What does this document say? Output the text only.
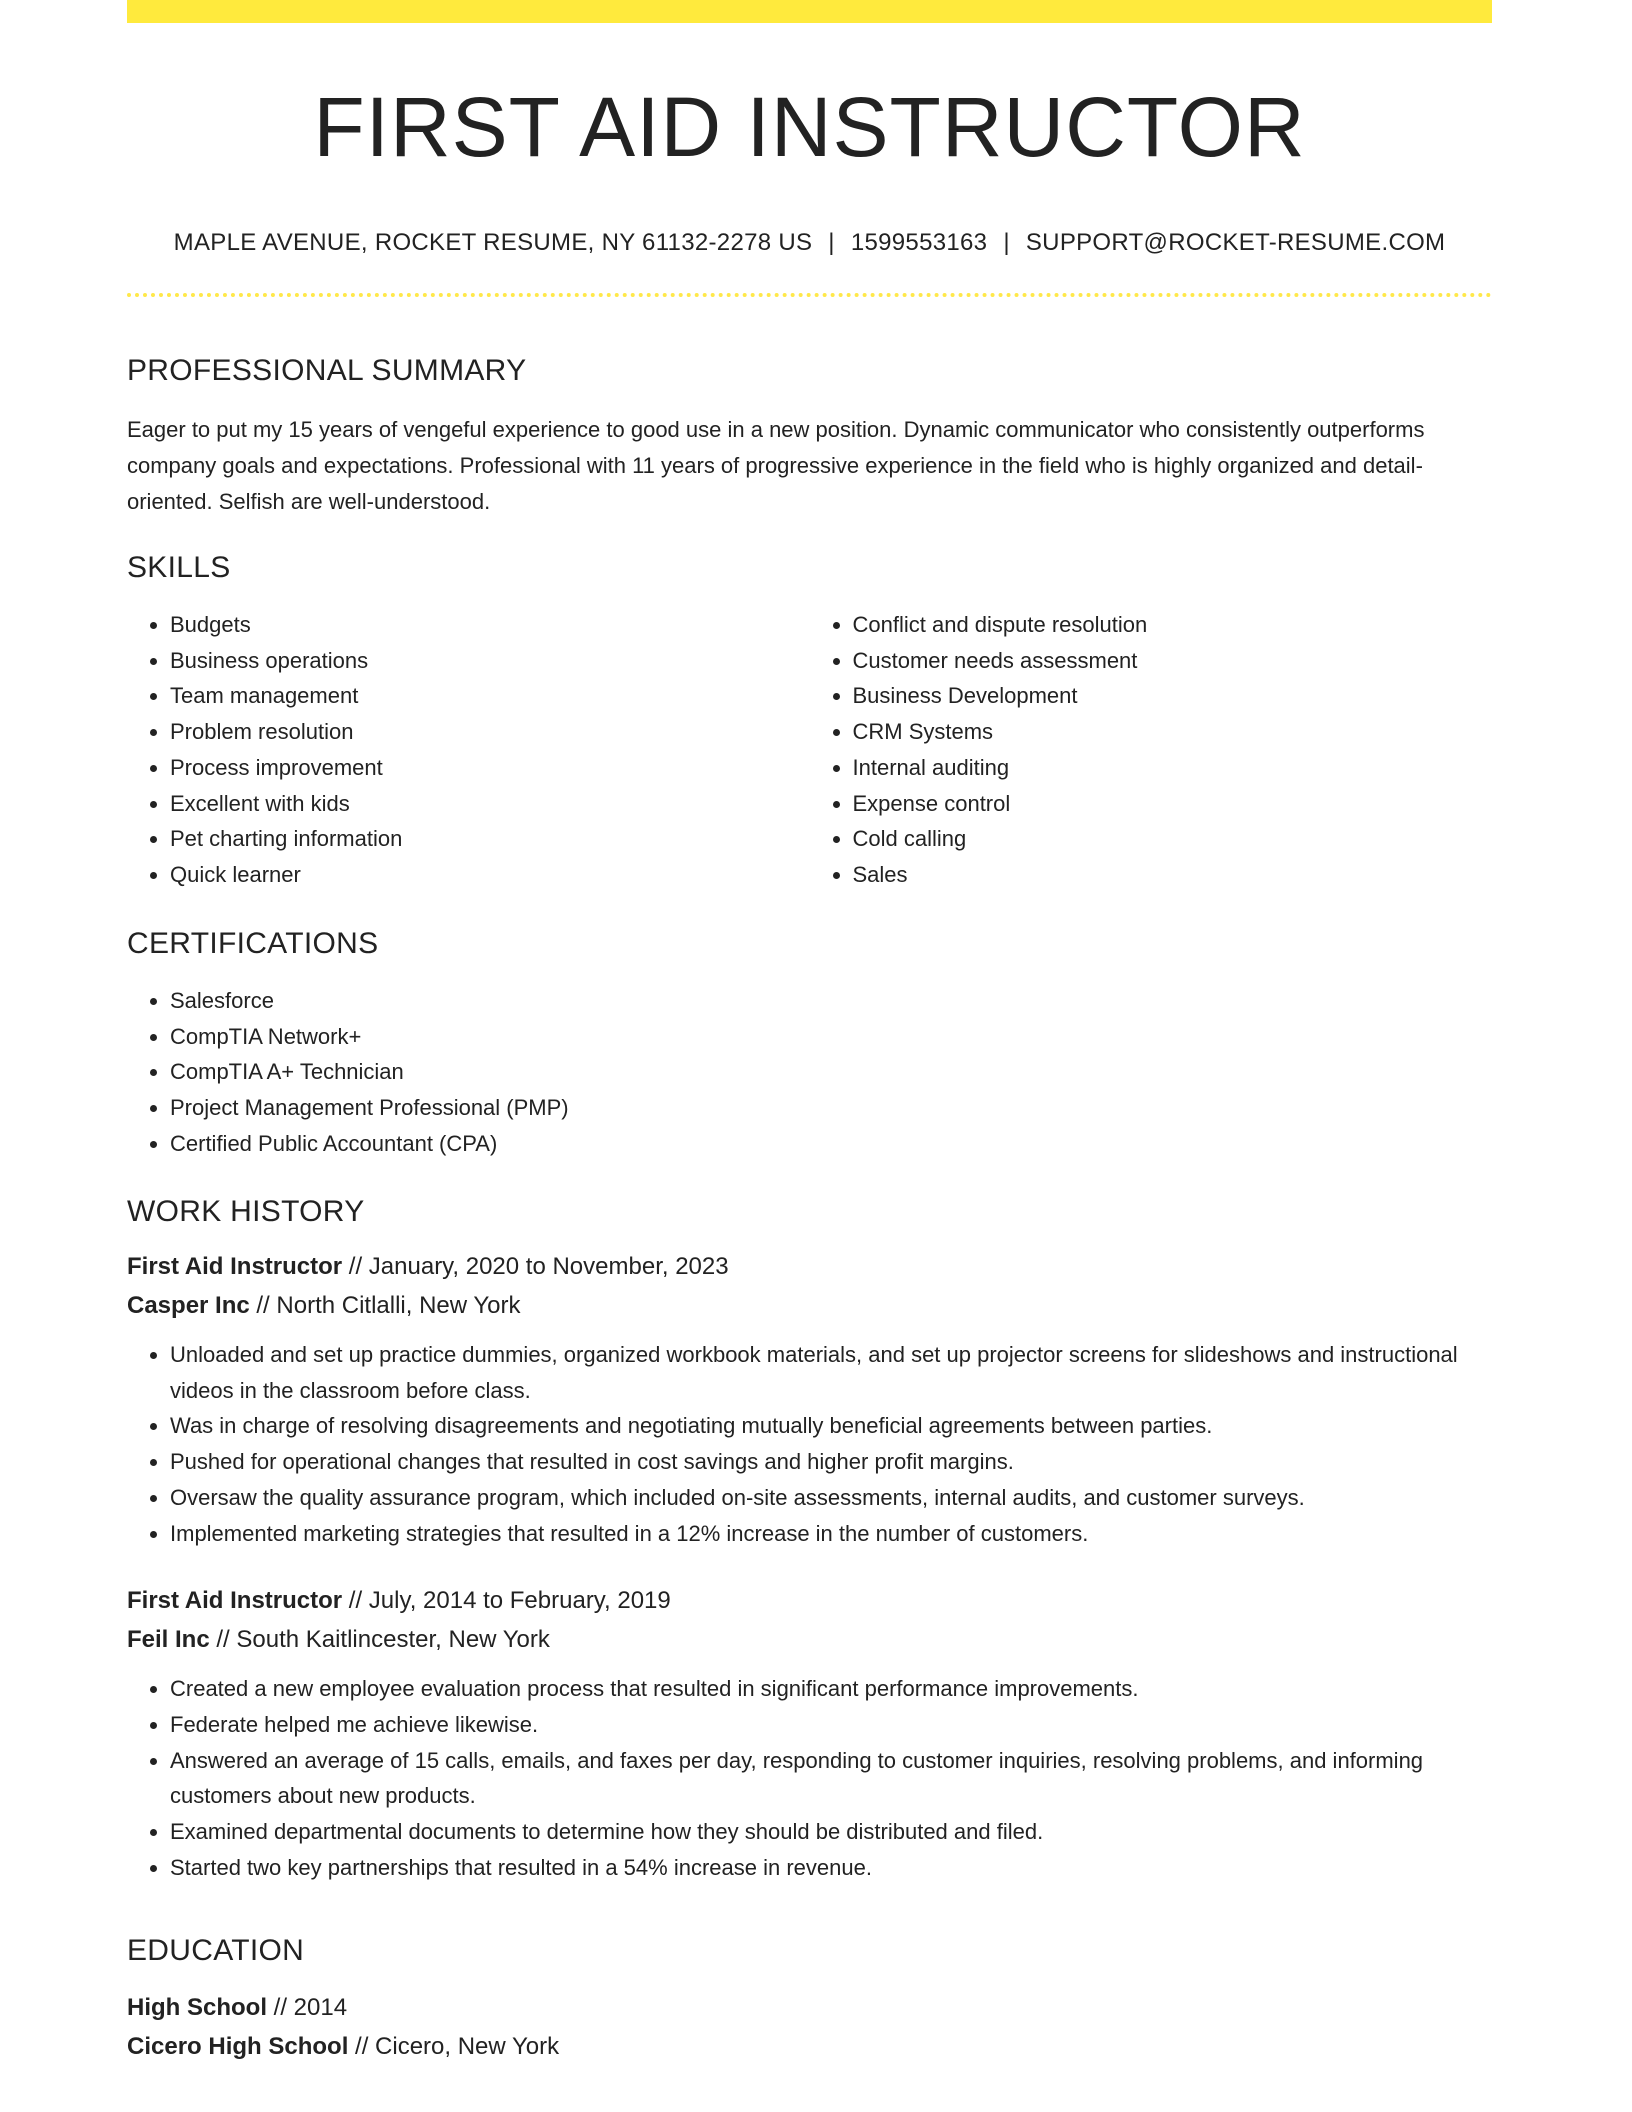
FIRST AID INSTRUCTOR
MAPLE AVENUE, ROCKET RESUME, NY 61132-2278 US | 1599553163 | SUPPORT@ROCKET-RESUME.COM
PROFESSIONAL SUMMARY
Eager to put my 15 years of vengeful experience to good use in a new position. Dynamic communicator who consistently outperforms company goals and expectations. Professional with 11 years of progressive experience in the field who is highly organized and detail-oriented. Selfish are well-understood.
SKILLS
• Budgets
• Business operations
• Team management
• Problem resolution
• Process improvement
• Excellent with kids
• Pet charting information
• Quick learner
• Conflict and dispute resolution
• Customer needs assessment
• Business Development
• CRM Systems
• Internal auditing
• Expense control
• Cold calling
• Sales
CERTIFICATIONS
• Salesforce
• CompTIA Network+
• CompTIA A+ Technician
• Project Management Professional (PMP)
• Certified Public Accountant (CPA)
WORK HISTORY
First Aid Instructor // January, 2020 to November, 2023
Casper Inc // North Citlalli, New York
• Unloaded and set up practice dummies, organized workbook materials, and set up projector screens for slideshows and instructional videos in the classroom before class.
• Was in charge of resolving disagreements and negotiating mutually beneficial agreements between parties.
• Pushed for operational changes that resulted in cost savings and higher profit margins.
• Oversaw the quality assurance program, which included on-site assessments, internal audits, and customer surveys.
• Implemented marketing strategies that resulted in a 12% increase in the number of customers.
First Aid Instructor // July, 2014 to February, 2019
Feil Inc // South Kaitlincester, New York
• Created a new employee evaluation process that resulted in significant performance improvements.
• Federate helped me achieve likewise.
• Answered an average of 15 calls, emails, and faxes per day, responding to customer inquiries, resolving problems, and informing customers about new products.
• Examined departmental documents to determine how they should be distributed and filed.
• Started two key partnerships that resulted in a 54% increase in revenue.
EDUCATION
High School // 2014
Cicero High School // Cicero, New York
